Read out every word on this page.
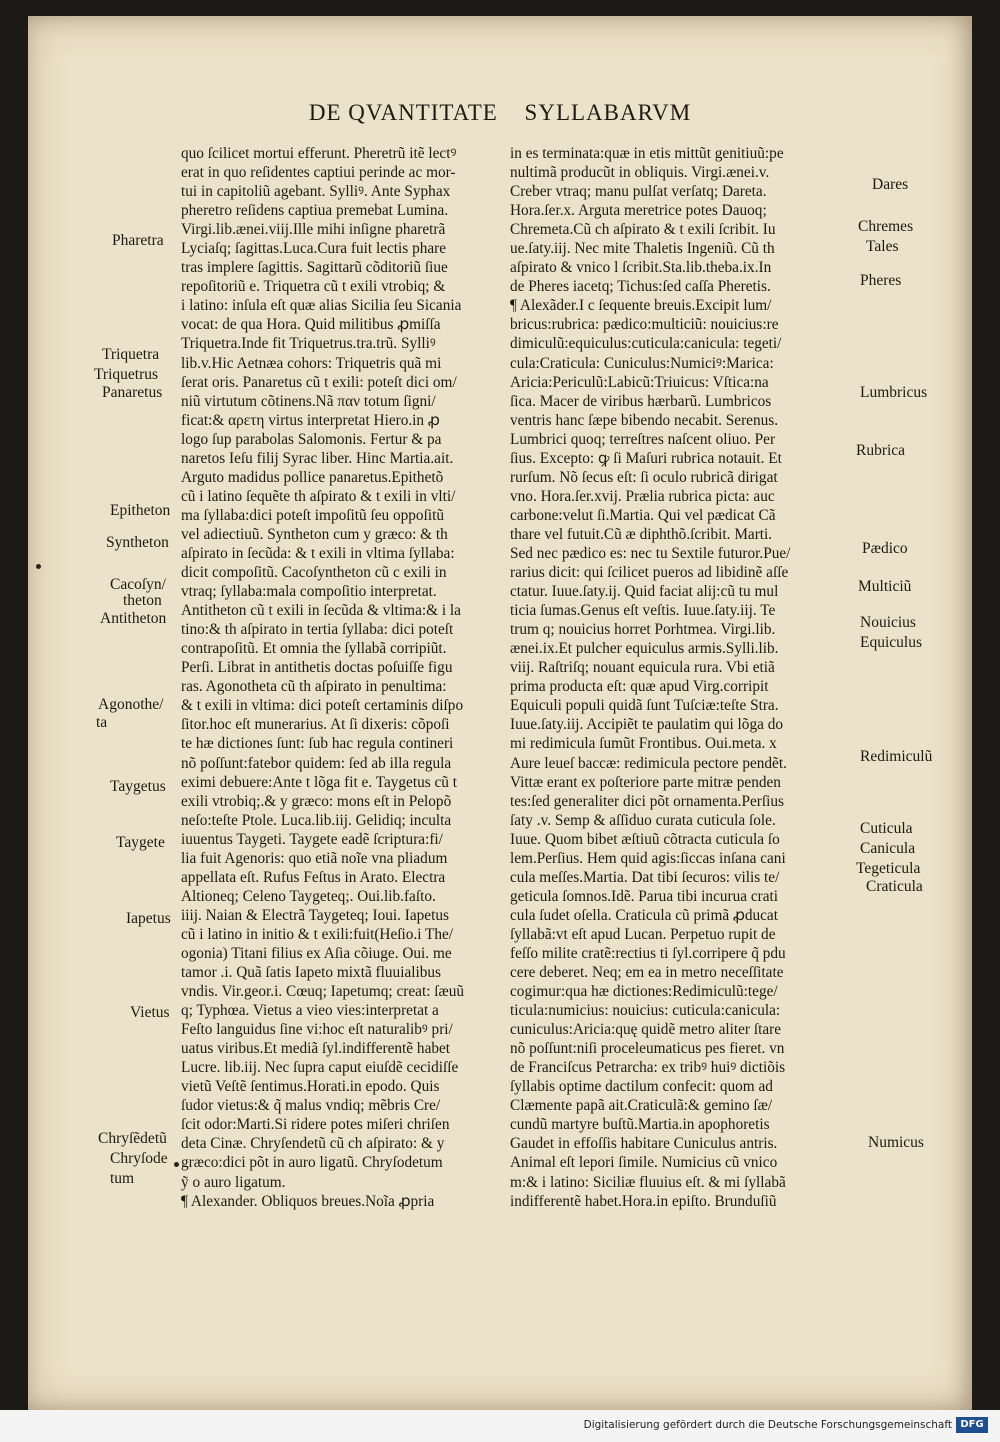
DE QVANTITATE SYLLABARVM
quo ſcilicet mortui efferunt. Pheretrũ itẽ lectꝰ
erat in quo reſidentes captiui perinde ac mor-
tui in capitoliũ agebant. Sylliꝰ. Ante Syphax
pheretro reſidens captiua premebat Lumina.
Virgi.lib.ænei.viij.Ille mihi inſigne pharetrã
Lyciaſq; ſagittas.Luca.Cura fuit lectis phare
tras implere ſagittis. Sagittarũ cõditoriũ ſiue
repoſitoriũ e. Triquetra cũ t exili vtrobiq; &
i latino: inſula eſt quæ alias Sicilia ſeu Sicania
vocat: de qua Hora. Quid militibus ꝓmiſſa
Triquetra.Inde fit Triquetrus.tra.trũ. Sylliꝰ
lib.v.Hic Aetnæa cohors: Triquetris quã mi
ſerat oris. Panaretus cũ t exili: poteſt dici om/
niũ virtutum cõtinens.Nã παν totum ſigni/
ficat:& αρετη virtus interpretat Hiero.in ꝓ
logo ſup parabolas Salomonis. Fertur & pa
naretos Ieſu filij Syrac liber. Hinc Martia.ait.
Arguto madidus pollice panaretus.Epithetõ
cũ i latino ſequẽte th aſpirato & t exili in vlti/
ma ſyllaba:dici poteſt impoſitũ ſeu oppoſitũ
vel adiectiuũ. Syntheton cum y græco: & th
aſpirato in ſecũda: & t exili in vltima ſyllaba:
dicit compoſitũ. Cacoſyntheton cũ c exili in
vtraq; ſyllaba:mala compoſitio interpretat.
Antitheton cũ t exili in ſecũda & vltima:& i la
tino:& th aſpirato in tertia ſyllaba: dici poteſt
contrapoſitũ. Et omnia the ſyllabã corripiũt.
Perſi. Librat in antithetis doctas poſuiſſe figu
ras. Agonotheta cũ th aſpirato in penultima:
& t exili in vltima: dici poteſt certaminis diſpo
ſitor.hoc eſt munerarius. At ſi dixeris: cõpoſi
te hæ dictiones ſunt: ſub hac regula contineri
nõ poſſunt:fatebor quidem: ſed ab illa regula
eximi debuere:Ante t lõga fit e. Taygetus cũ t
exili vtrobiq;.& y græco: mons eſt in Pelopõ
neſo:teſte Ptole. Luca.lib.iij. Gelidiq; inculta
iuuentus Taygeti. Taygete eadẽ ſcriptura:fi/
lia fuit Agenoris: quo etiã noĩe vna pliadum
appellata eſt. Rufus Feſtus in Arato. Electra
Altioneq; Celeno Taygeteq;. Oui.lib.faſto.
iiij. Naian & Electrã Taygeteq; Ioui. Iapetus
cũ i latino in initio & t exili:fuit(Heſio.i The/
ogonia) Titani filius ex Aſia cõiuge. Oui. me
tamor .i. Quã ſatis Iapeto mixtã fluuialibus
vndis. Vir.geor.i. Cœuq; Iapetumq; creat: ſæuũ
q; Typhœa. Vietus a vieo vies:interpretat a
Feſto languidus ſine vi:hoc eſt naturalibꝰ pri/
uatus viribus.Et mediã ſyl.indifferentẽ habet
Lucre. lib.iij. Nec ſupra caput eiuſdẽ cecidiſſe
vietũ Veſtẽ ſentimus.Horati.in epodo. Quis
ſudor vietus:& q̃ malus vndiq; mẽbris Cre/
ſcit odor:Marti.Si ridere potes miſeri chriſen
deta Cinæ. Chryſendetũ cũ ch aſpirato: & y
græco:dici põt in auro ligatũ. Chryſodetum
ỹ o auro ligatum.
¶ Alexander. Obliquos breues.Noĩa ꝓpria
in es terminata:quæ in etis mittũt genitiuũ:pe
nultimã producũt in obliquis. Virgi.ænei.v.
Creber vtraq; manu pulſat verſatq; Dareta.
Hora.ſer.x. Arguta meretrice potes Dauoq;
Chremeta.Cũ ch aſpirato & t exili ſcribit. Iu
ue.ſaty.iij. Nec mite Thaletis Ingeniũ. Cũ th
aſpirato & vnico l ſcribit.Sta.lib.theba.ix.In
de Pheres iacetq; Tichus:ſed caſſa Pheretis.
¶ Alexãder.I c ſequente breuis.Excipit lum/
bricus:rubrica: pædico:multiciũ: nouicius:re
dimiculũ:equiculus:cuticula:canicula: tegeti/
cula:Craticula: Cuniculus:Numiciꝰ:Marica:
Aricia:Periculũ:Labicũ:Triuicus: Vſtica:na
ſica. Macer de viribus hærbarũ. Lumbricos
ventris hanc ſæpe bibendo necabit. Serenus.
Lumbrici quoq; terreſtres naſcent oliuo. Per
ſius. Excepto: ꝙ ſi Maſuri rubrica notauit. Et
rurſum. Nõ ſecus eſt: ſi oculo rubricã dirigat
vno. Hora.ſer.xvij. Prælia rubrica picta: auc
carbone:velut ſi.Martia. Qui vel pædicat Cã
thare vel futuit.Cũ æ diphthõ.ſcribit. Marti.
Sed nec pædico es: nec tu Sextile futuror.Pue/
rarius dicit: qui ſcilicet pueros ad libidinẽ aſſe
ctatur. Iuue.ſaty.ij. Quid faciat alij:cũ tu mul
ticia ſumas.Genus eſt veſtis. Iuue.ſaty.iij. Te
trum q; nouicius horret Porhtmea. Virgi.lib.
ænei.ix.Et pulcher equiculus armis.Sylli.lib.
viij. Raſtriſq; nouant equicula rura. Vbi etiã
prima producta eſt: quæ apud Virg.corripit
Equiculi populi quidã ſunt Tuſciæ:teſte Stra.
Iuue.ſaty.iij. Accipiẽt te paulatim qui lõga do
mi redimicula ſumũt Frontibus. Oui.meta. x
Aure leueſ baccæ: redimicula pectore pendẽt.
Vittæ erant ex poſteriore parte mitræ penden
tes:ſed generaliter dici põt ornamenta.Perſius
ſaty .v. Semp & aſſiduo curata cuticula ſole.
Iuue. Quom bibet æſtiuũ cõtracta cuticula ſo
lem.Perſius. Hem quid agis:ſiccas inſana cani
cula meſſes.Martia. Dat tibi ſecuros: vilis te/
geticula ſomnos.Idẽ. Parua tibi incurua crati
cula ſudet oſella. Craticula cũ primã ꝓducat
ſyllabã:vt eſt apud Lucan. Perpetuo rupit de
feſſo milite cratẽ:rectius ti ſyl.corripere q̃ pdu
cere deberet. Neq; em ea in metro neceſſitate
cogimur:qua hæ dictiones:Redimiculũ:tege/
ticula:numicius: nouicius: cuticula:canicula:
cuniculus:Aricia:quę quidẽ metro aliter ſtare
nõ poſſunt:niſi proceleumaticus pes fieret. vn
de Franciſcus Petrarcha: ex tribꝰ huiꝰ dictiõis
ſyllabis optime dactilum confecit: quom ad
Clæmente papã ait.Craticulã:& gemino ſæ/
cundũ martyre buſtũ.Martia.in apophoretis
Gaudet in effoſſis habitare Cuniculus antris.
Animal eſt lepori ſimile. Numicius cũ vnico
m:& i latino: Siciliæ fluuius eſt. & mi ſyllabã
indifferentẽ habet.Hora.in epiſto. Brunduſiũ
Pharetra
Triquetra
Triquetrus
Panaretus
Epitheton
Syntheton
Cacoſyn/
theton
Antitheton
Agonothe/
ta
Taygetus
Taygete
Iapetus
Vietus
Chryſẽdetũ
Chryſode
tum
Dares
Chremes
Tales
Pheres
Lumbricus
Rubrica
Pædico
Multiciũ
Nouicius
Equiculus
Redimiculũ
Cuticula
Canicula
Tegeticula
Craticula
Numicus
Digitalisierung gefördert durch die Deutsche Forschungsgemeinschaft DFG
